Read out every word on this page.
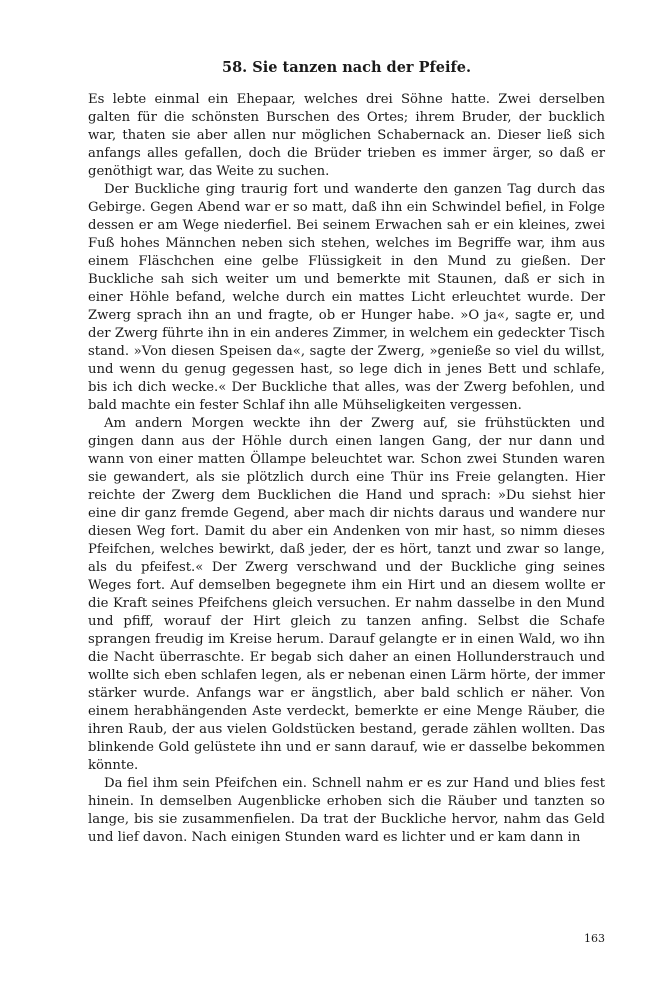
58. Sie tanzen nach der Pfeife.

Es lebte einmal ein Ehepaar, welches drei Söhne hatte. Zwei derselben galten für die schönsten Burschen des Ortes; ihrem Bruder, der bucklich war, thaten sie aber allen nur möglichen Schabernack an. Dieser ließ sich anfangs alles gefallen, doch die Brüder trieben es immer ärger, so daß er genöthigt war, das Weite zu suchen.

Der Buckliche ging traurig fort und wanderte den ganzen Tag durch das Gebirge. Gegen Abend war er so matt, daß ihn ein Schwindel befiel, in Folge dessen er am Wege niederfiel. Bei seinem Erwachen sah er ein kleines, zwei Fuß hohes Männchen neben sich stehen, welches im Begriffe war, ihm aus einem Fläschchen eine gelbe Flüssigkeit in den Mund zu gießen. Der Buckliche sah sich weiter um und bemerkte mit Staunen, daß er sich in einer Höhle befand, welche durch ein mattes Licht erleuchtet wurde. Der Zwerg sprach ihn an und fragte, ob er Hunger habe. »O ja«, sagte er, und der Zwerg führte ihn in ein anderes Zimmer, in welchem ein gedeckter Tisch stand. »Von diesen Speisen da«, sagte der Zwerg, »genieße so viel du willst, und wenn du genug gegessen hast, so lege dich in jenes Bett und schlafe, bis ich dich wecke.« Der Buckliche that alles, was der Zwerg befohlen, und bald machte ein fester Schlaf ihn alle Mühseligkeiten vergessen.

Am andern Morgen weckte ihn der Zwerg auf, sie frühstückten und gingen dann aus der Höhle durch einen langen Gang, der nur dann und wann von einer matten Öllampe beleuchtet war. Schon zwei Stunden waren sie gewandert, als sie plötzlich durch eine Thür ins Freie gelangten. Hier reichte der Zwerg dem Bucklichen die Hand und sprach: »Du siehst hier eine dir ganz fremde Gegend, aber mach dir nichts daraus und wandere nur diesen Weg fort. Damit du aber ein Andenken von mir hast, so nimm dieses Pfeifchen, welches bewirkt, daß jeder, der es hört, tanzt und zwar so lange, als du pfeifest.« Der Zwerg verschwand und der Buckliche ging seines Weges fort. Auf demselben begegnete ihm ein Hirt und an diesem wollte er die Kraft seines Pfeifchens gleich versuchen. Er nahm dasselbe in den Mund und pfiff, worauf der Hirt gleich zu tanzen anfing. Selbst die Schafe sprangen freudig im Kreise herum. Darauf gelangte er in einen Wald, wo ihn die Nacht überraschte. Er begab sich daher an einen Hollunderstrauch und wollte sich eben schlafen legen, als er nebenan einen Lärm hörte, der immer stärker wurde. Anfangs war er ängstlich, aber bald schlich er näher. Von einem herabhängenden Aste verdeckt, bemerkte er eine Menge Räuber, die ihren Raub, der aus vielen Goldstücken bestand, gerade zählen wollten. Das blinkende Gold gelüstete ihn und er sann darauf, wie er dasselbe bekommen könnte.

Da fiel ihm sein Pfeifchen ein. Schnell nahm er es zur Hand und blies fest hinein. In demselben Augenblicke erhoben sich die Räuber und tanzten so lange, bis sie zusammenfielen. Da trat der Buckliche hervor, nahm das Geld und lief davon. Nach einigen Stunden ward es lichter und er kam dann in

163
